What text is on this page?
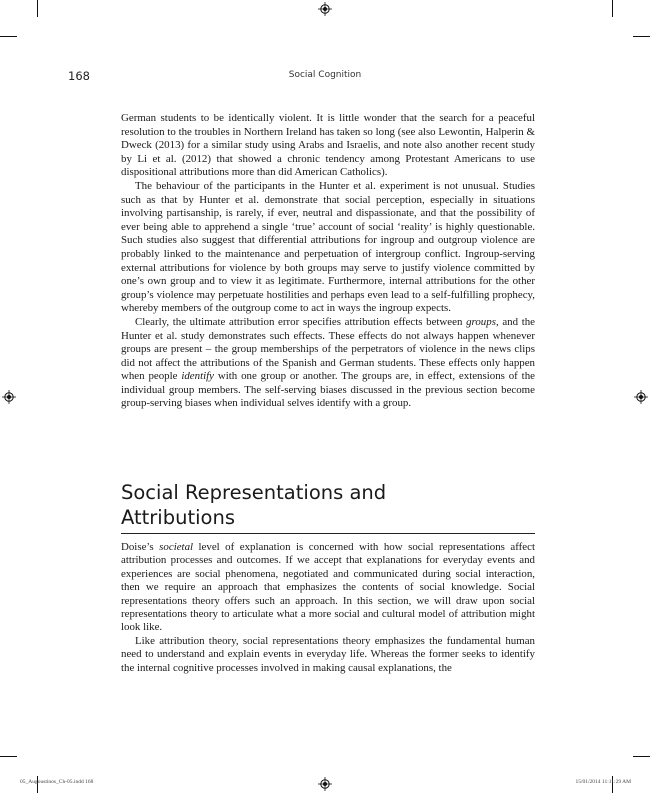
168	Social Cognition

German students to be identically violent. It is little wonder that the search for a peaceful resolution to the troubles in Northern Ireland has taken so long (see also Lewontin, Halperin & Dweck (2013) for a similar study using Arabs and Israelis, and note also another recent study by Li et al. (2012) that showed a chronic tendency among Protestant Americans to use dispositional attributions more than did American Catholics).

The behaviour of the participants in the Hunter et al. experiment is not unusual. Studies such as that by Hunter et al. demonstrate that social perception, especially in situations involving partisanship, is rarely, if ever, neutral and dispassionate, and that the possibility of ever being able to apprehend a single ‘true’ account of social ‘reality’ is highly questionable. Such studies also suggest that differential attributions for ingroup and outgroup violence are probably linked to the maintenance and perpetuation of intergroup conflict. Ingroup-serving external attributions for violence by both groups may serve to justify violence committed by one’s own group and to view it as legitimate. Furthermore, internal attributions for the other group’s violence may perpetuate hostilities and perhaps even lead to a self-fulfilling prophecy, whereby members of the outgroup come to act in ways the ingroup expects.

Clearly, the ultimate attribution error specifies attribution effects between groups, and the Hunter et al. study demonstrates such effects. These effects do not always happen whenever groups are present – the group memberships of the perpetrators of violence in the news clips did not affect the attributions of the Spanish and German students. These effects only happen when people identify with one group or another. The groups are, in effect, extensions of the individual group members. The self-serving biases discussed in the previous section become group-serving biases when individual selves identify with a group.

Social Representations and
Attributions

Doise’s societal level of explanation is concerned with how social representations affect attribution processes and outcomes. If we accept that explanations for everyday events and experiences are social phenomena, negotiated and communicated during social interaction, then we require an approach that emphasizes the contents of social knowledge. Social representations theory offers such an approach. In this section, we will draw upon social representations theory to articulate what a more social and cultural model of attribution might look like.

Like attribution theory, social representations theory emphasizes the fundamental human need to understand and explain events in everyday life. Whereas the former seeks to identify the internal cognitive processes involved in making causal explanations, the

05_Augoustinos_Ch-05.indd 168	15/01/2014 11:11:29 AM
